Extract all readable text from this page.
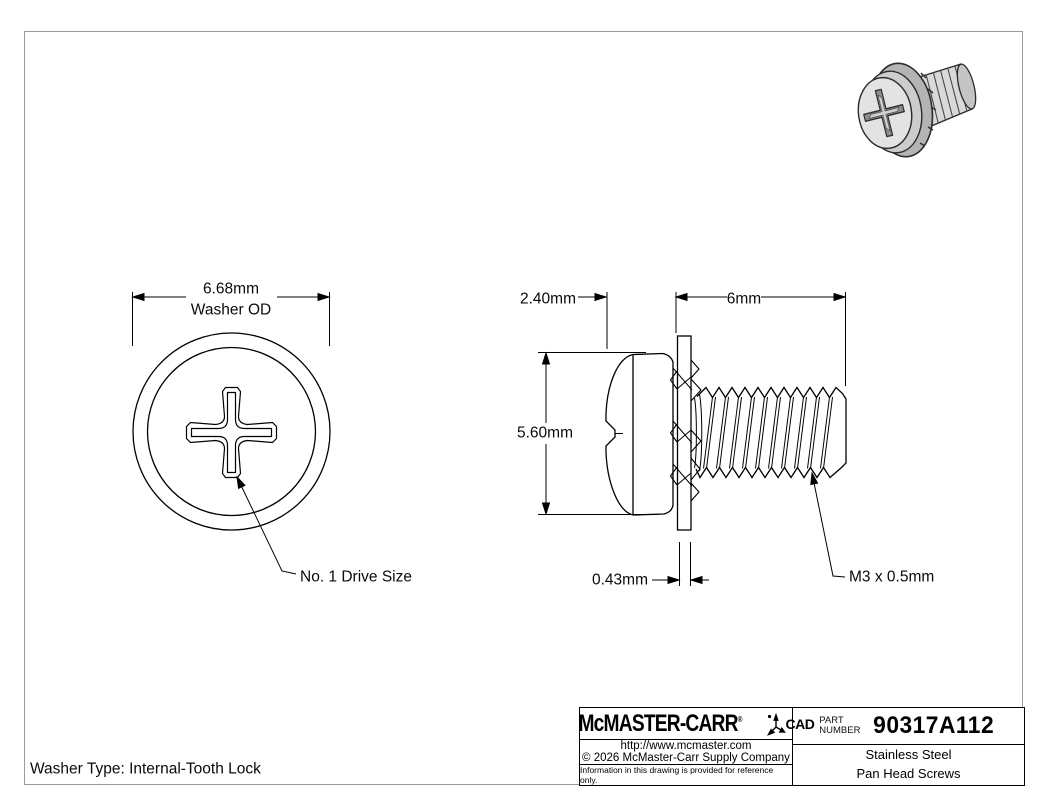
6.68mm
Washer OD
No. 1 Drive Size
2.40mm	6mm
5.60mm
0.43mm	M3 x 0.5mm
Washer Type: Internal-Tooth Lock
McMASTER-CARR®	CAD
http://www.mcmaster.com
© 2026 McMaster-Carr Supply Company
Information in this drawing is provided for reference only.
PART
NUMBER 90317A112
Stainless Steel
Pan Head Screws
